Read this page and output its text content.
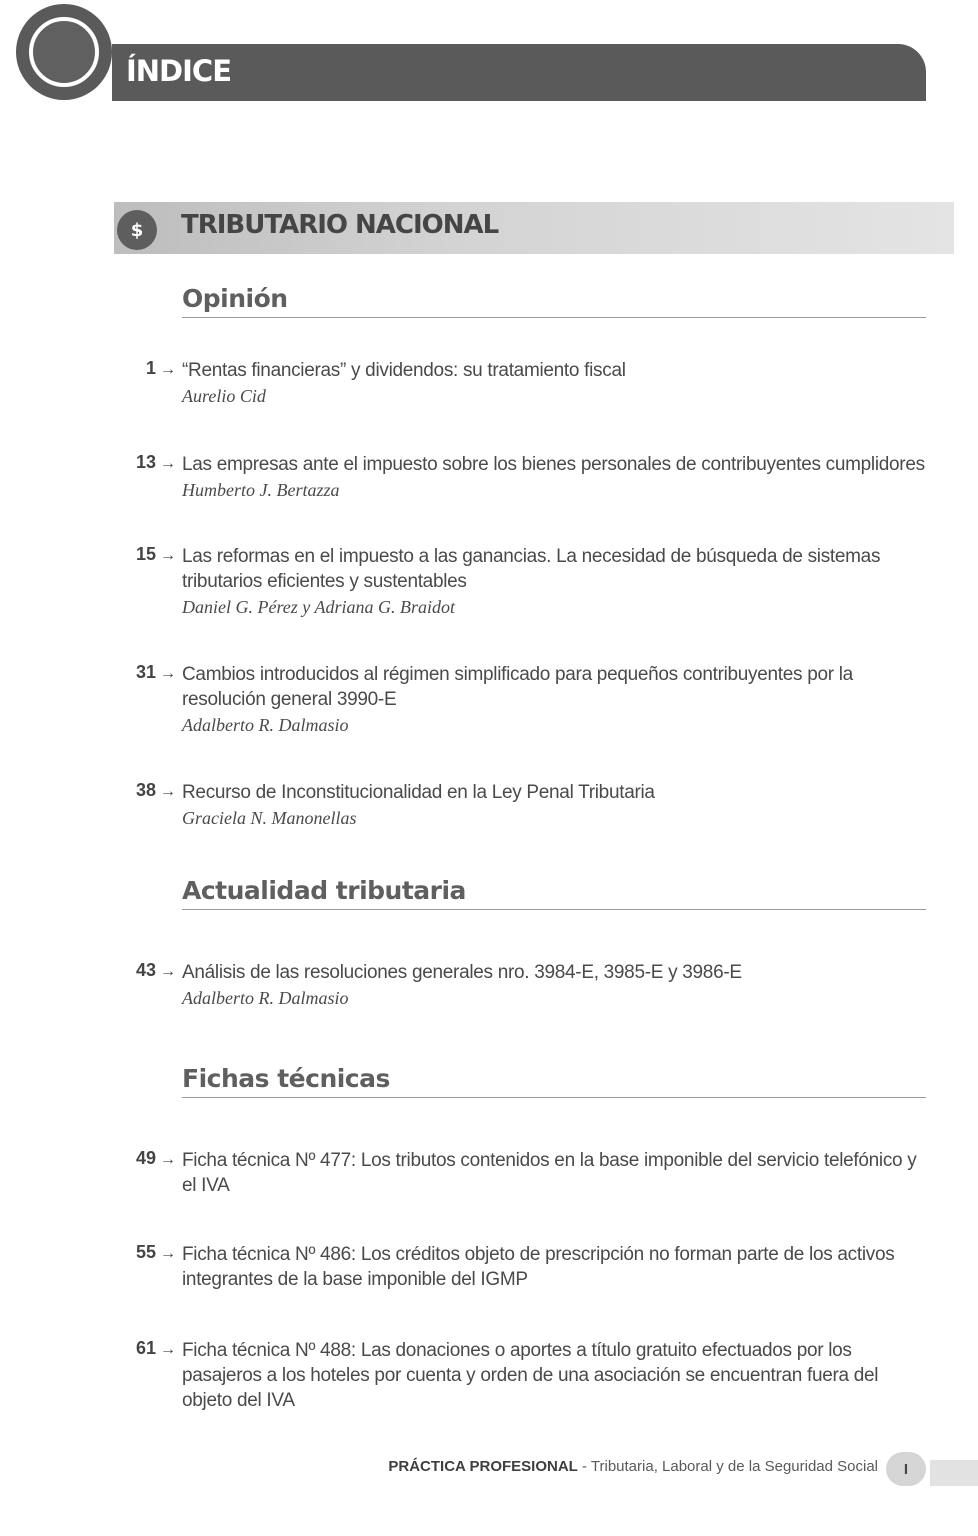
ÍNDICE
$	TRIBUTARIO NACIONAL
Opinión
1 → “Rentas financieras” y dividendos: su tratamiento fiscal
Aurelio Cid
13 → Las empresas ante el impuesto sobre los bienes personales de contribuyentes cumplidores
Humberto J. Bertazza
15 → Las reformas en el impuesto a las ganancias. La necesidad de búsqueda de sistemas tributarios eficientes y sustentables
Daniel G. Pérez y Adriana G. Braidot
31 → Cambios introducidos al régimen simplificado para pequeños contribuyentes por la resolución general 3990-E
Adalberto R. Dalmasio
38 → Recurso de Inconstitucionalidad en la Ley Penal Tributaria
Graciela N. Manonellas
Actualidad tributaria
43 → Análisis de las resoluciones generales nro. 3984-E, 3985-E y 3986-E
Adalberto R. Dalmasio
Fichas técnicas
49 → Ficha técnica Nº 477: Los tributos contenidos en la base imponible del servicio telefónico y el IVA
55 → Ficha técnica Nº 486: Los créditos objeto de prescripción no forman parte de los activos integrantes de la base imponible del IGMP
61 → Ficha técnica Nº 488: Las donaciones o aportes a título gratuito efectuados por los pasajeros a los hoteles por cuenta y orden de una asociación se encuentran fuera del objeto del IVA
PRÁCTICA PROFESIONAL - Tributaria, Laboral y de la Seguridad Social	I
